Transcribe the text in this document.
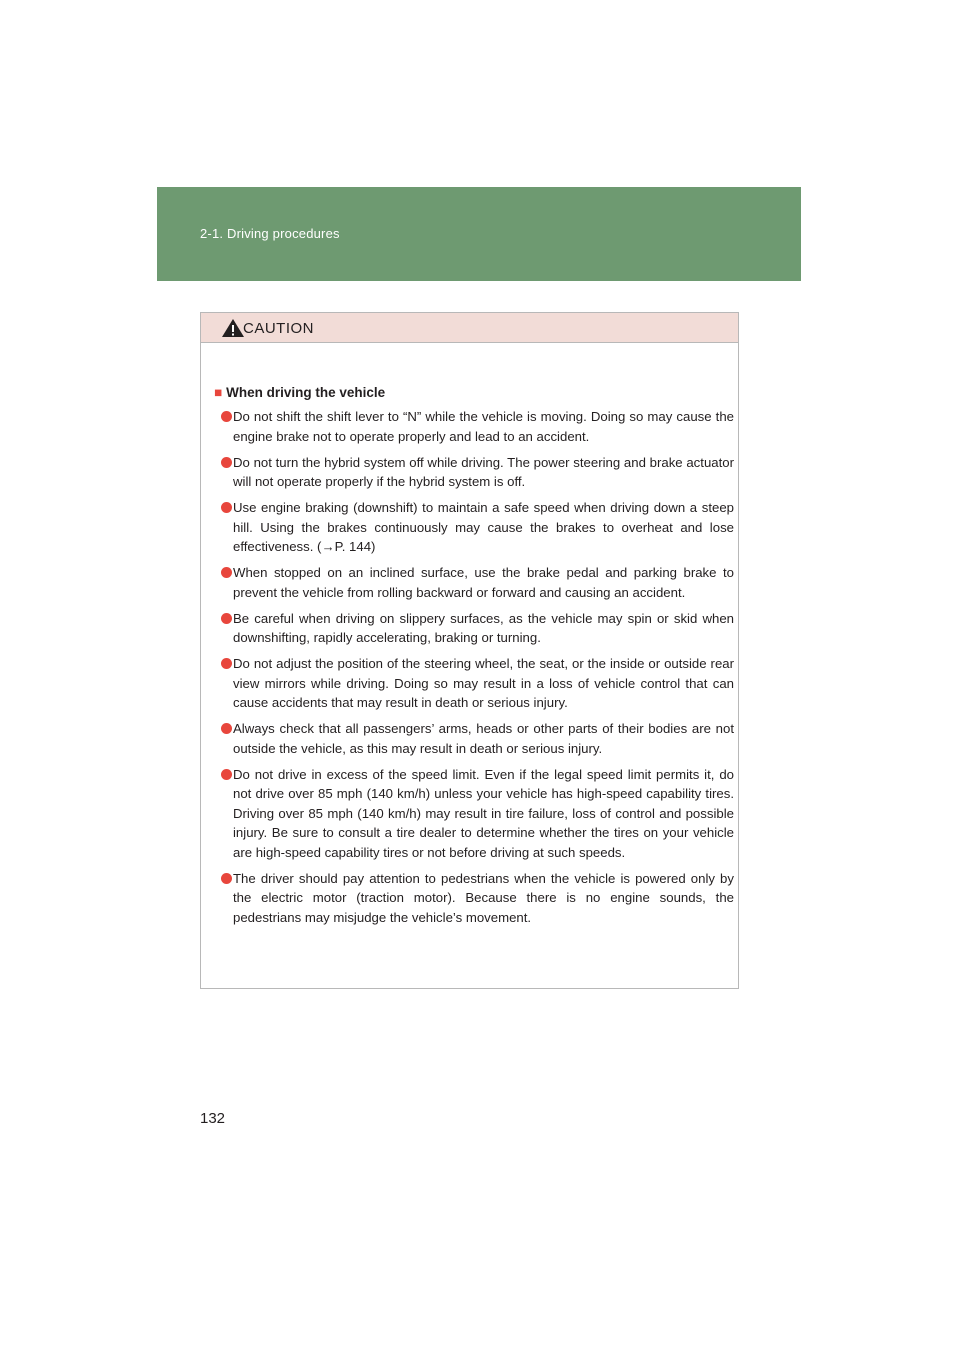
2-1. Driving procedures
CAUTION
■ When driving the vehicle
Do not shift the shift lever to “N” while the vehicle is moving. Doing so may cause the engine brake not to operate properly and lead to an accident.
Do not turn the hybrid system off while driving. The power steering and brake actuator will not operate properly if the hybrid system is off.
Use engine braking (downshift) to maintain a safe speed when driving down a steep hill. Using the brakes continuously may cause the brakes to overheat and lose effectiveness. (→P. 144)
When stopped on an inclined surface, use the brake pedal and parking brake to prevent the vehicle from rolling backward or forward and causing an accident.
Be careful when driving on slippery surfaces, as the vehicle may spin or skid when downshifting, rapidly accelerating, braking or turning.
Do not adjust the position of the steering wheel, the seat, or the inside or outside rear view mirrors while driving. Doing so may result in a loss of vehicle control that can cause accidents that may result in death or serious injury.
Always check that all passengers’ arms, heads or other parts of their bodies are not outside the vehicle, as this may result in death or serious injury.
Do not drive in excess of the speed limit. Even if the legal speed limit permits it, do not drive over 85 mph (140 km/h) unless your vehicle has high-speed capability tires. Driving over 85 mph (140 km/h) may result in tire failure, loss of control and possible injury. Be sure to consult a tire dealer to determine whether the tires on your vehicle are high-speed capability tires or not before driving at such speeds.
The driver should pay attention to pedestrians when the vehicle is powered only by the electric motor (traction motor). Because there is no engine sounds, the pedestrians may misjudge the vehicle’s movement.
132
